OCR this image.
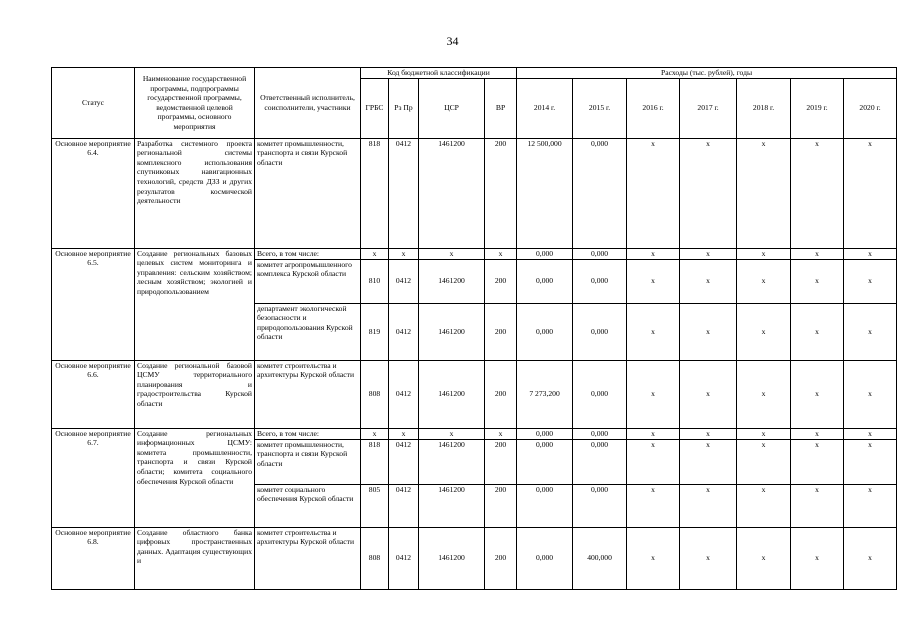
34
Статус	Наименование государственной программы, подпрограммы государственной программы, ведомственной целевой программы, основного мероприятия	Ответственный исполнитель, соисполнители, участники	Код бюджетной классификации				Расходы (тыс. рублей), годы						
			ГРБС	Рз Пр	ЦСР	ВР	2014 г.	2015 г.	2016 г.	2017 г.	2018 г.	2019 г.	2020 г.
Основное мероприятие 6.4.	Разработка системного проекта региональной системы комплексного использования спутниковых навигационных технологий, средств ДЗЗ и других результатов космической деятельности	комитет промышленности, транспорта и связи Курской области	818	0412	1461200	200	12 500,000	0,000	x	x	x	x	x
Основное мероприятие 6.5.	Создание региональных базовых целевых систем мониторинга и управления: сельским хозяйством; лесным хозяйством; экологией и природопользованием	Всего, в том числе:	x	x	x	x	0,000	0,000	x	x	x	x	x
		комитет агропромышленного комплекса Курской области	810	0412	1461200	200	0,000	0,000	x	x	x	x	x
		департамент экологической безопасности и природопользования Курской области	819	0412	1461200	200	0,000	0,000	x	x	x	x	x
Основное мероприятие 6.6.	Создание региональной базовой ЦСМУ территориального планирования и градостроительства Курской области	комитет строительства и архитектуры Курской области	808	0412	1461200	200	7 273,200	0,000	x	x	x	x	x
Основное мероприятие 6.7.	Создание региональных информационных ЦСМУ: комитета промышленности, транспорта и связи Курской области; комитета социального обеспечения Курской области	Всего, в том числе:	x	x	x	x	0,000	0,000	x	x	x	x	x
		комитет промышленности, транспорта и связи Курской области	818	0412	1461200	200	0,000	0,000	x	x	x	x	x
		комитет социального обеспечения Курской области	805	0412	1461200	200	0,000	0,000	x	x	x	x	x
Основное мероприятие 6.8.	Создание областного банка цифровых пространственных данных. Адаптация существующих и	комитет строительства и архитектуры Курской области	808	0412	1461200	200	0,000	400,000	x	x	x	x	x
